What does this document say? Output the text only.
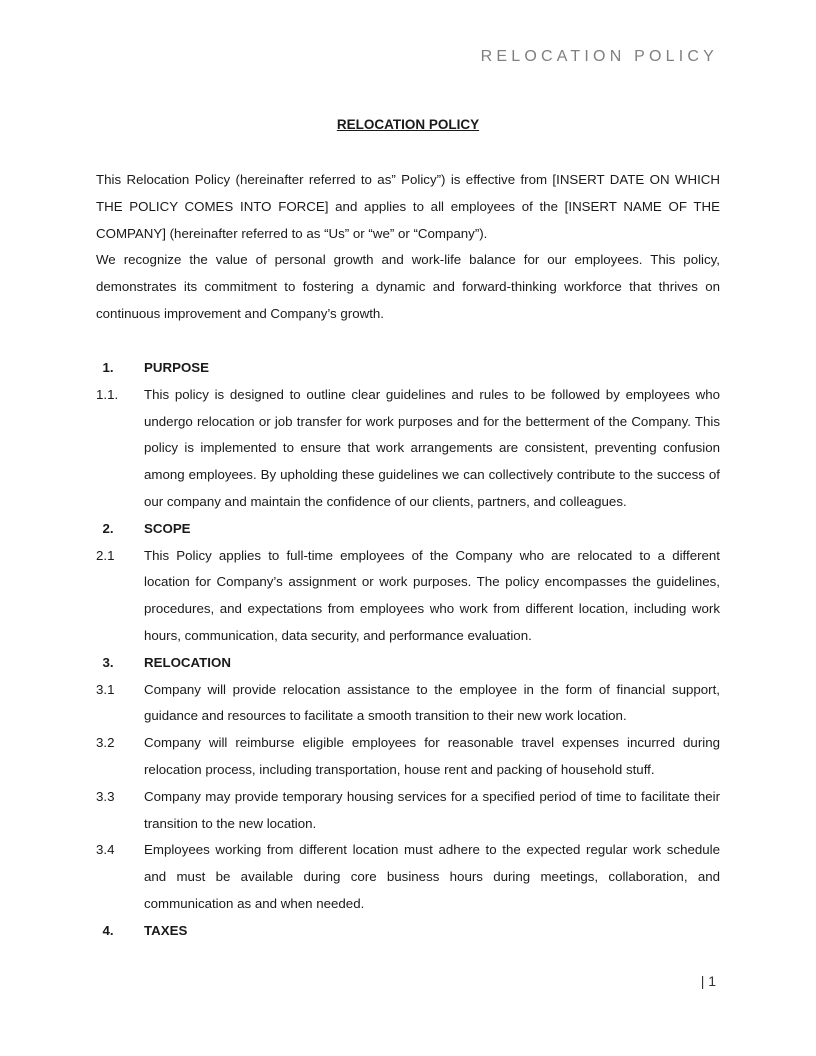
RELOCATION POLICY
RELOCATION POLICY
This Relocation Policy (hereinafter referred to as” Policy”) is effective from [INSERT DATE ON WHICH THE POLICY COMES INTO FORCE] and applies to all employees of the [INSERT NAME OF THE COMPANY] (hereinafter referred to as “Us” or “we” or “Company”).
We recognize the value of personal growth and work-life balance for our employees. This policy, demonstrates its commitment to fostering a dynamic and forward-thinking workforce that thrives on continuous improvement and Company’s growth.
1.	PURPOSE
1.1.	This policy is designed to outline clear guidelines and rules to be followed by employees who undergo relocation or job transfer for work purposes and for the betterment of the Company. This policy is implemented to ensure that work arrangements are consistent, preventing confusion among employees. By upholding these guidelines we can collectively contribute to the success of our company and maintain the confidence of our clients, partners, and colleagues.
2.	SCOPE
2.1	This Policy applies to full-time employees of the Company who are relocated to a different location for Company’s assignment or work purposes. The policy encompasses the guidelines, procedures, and expectations from employees who work from different location, including work hours, communication, data security, and performance evaluation.
3.	RELOCATION
3.1	Company will provide relocation assistance to the employee in the form of financial support, guidance and resources to facilitate a smooth transition to their new work location.
3.2	Company will reimburse eligible employees for reasonable travel expenses incurred during relocation process, including transportation, house rent and packing of household stuff.
3.3	Company may provide temporary housing services for a specified period of time to facilitate their transition to the new location.
3.4	Employees working from different location must adhere to the expected regular work schedule and must be available during core business hours during meetings, collaboration, and communication as and when needed.
4.	TAXES
| 1
